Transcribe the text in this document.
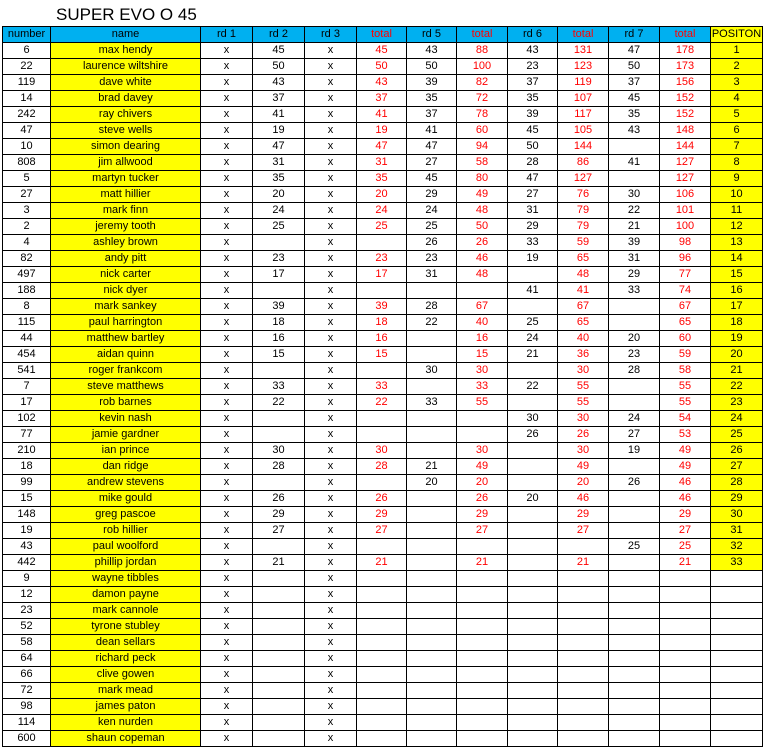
SUPER EVO O 45
number	name	rd 1	rd 2	rd 3	total	rd 5	total	rd 6	total	rd 7	total	POSITON
6	max hendy	x	45	x	45	43	88	43	131	47	178	1
22	laurence wiltshire	x	50	x	50	50	100	23	123	50	173	2
119	dave white	x	43	x	43	39	82	37	119	37	156	3
14	brad davey	x	37	x	37	35	72	35	107	45	152	4
242	ray chivers	x	41	x	41	37	78	39	117	35	152	5
47	steve wells	x	19	x	19	41	60	45	105	43	148	6
10	simon dearing	x	47	x	47	47	94	50	144		144	7
808	jim allwood	x	31	x	31	27	58	28	86	41	127	8
5	martyn tucker	x	35	x	35	45	80	47	127		127	9
27	matt hillier	x	20	x	20	29	49	27	76	30	106	10
3	mark finn	x	24	x	24	24	48	31	79	22	101	11
2	jeremy tooth	x	25	x	25	25	50	29	79	21	100	12
4	ashley brown	x		x		26	26	33	59	39	98	13
82	andy pitt	x	23	x	23	23	46	19	65	31	96	14
497	nick carter	x	17	x	17	31	48		48	29	77	15
188	nick dyer	x		x				41	41	33	74	16
8	mark sankey	x	39	x	39	28	67		67		67	17
115	paul harrington	x	18	x	18	22	40	25	65		65	18
44	matthew bartley	x	16	x	16		16	24	40	20	60	19
454	aidan quinn	x	15	x	15		15	21	36	23	59	20
541	roger frankcom	x		x		30	30		30	28	58	21
7	steve matthews	x	33	x	33		33	22	55		55	22
17	rob barnes	x	22	x	22	33	55		55		55	23
102	kevin nash	x		x				30	30	24	54	24
77	jamie gardner	x		x				26	26	27	53	25
210	ian prince	x	30	x	30		30		30	19	49	26
18	dan ridge	x	28	x	28	21	49		49		49	27
99	andrew stevens	x		x		20	20		20	26	46	28
15	mike gould	x	26	x	26		26	20	46		46	29
148	greg pascoe	x	29	x	29		29		29		29	30
19	rob hillier	x	27	x	27		27		27		27	31
43	paul woolford	x		x						25	25	32
442	phillip jordan	x	21	x	21		21		21		21	33
9	wayne tibbles	x		x								
12	damon payne	x		x								
23	mark cannole	x		x								
52	tyrone stubley	x		x								
58	dean sellars	x		x								
64	richard peck	x		x								
66	clive gowen	x		x								
72	mark mead	x		x								
98	james paton	x		x								
114	ken nurden	x		x								
600	shaun copeman	x		x								
